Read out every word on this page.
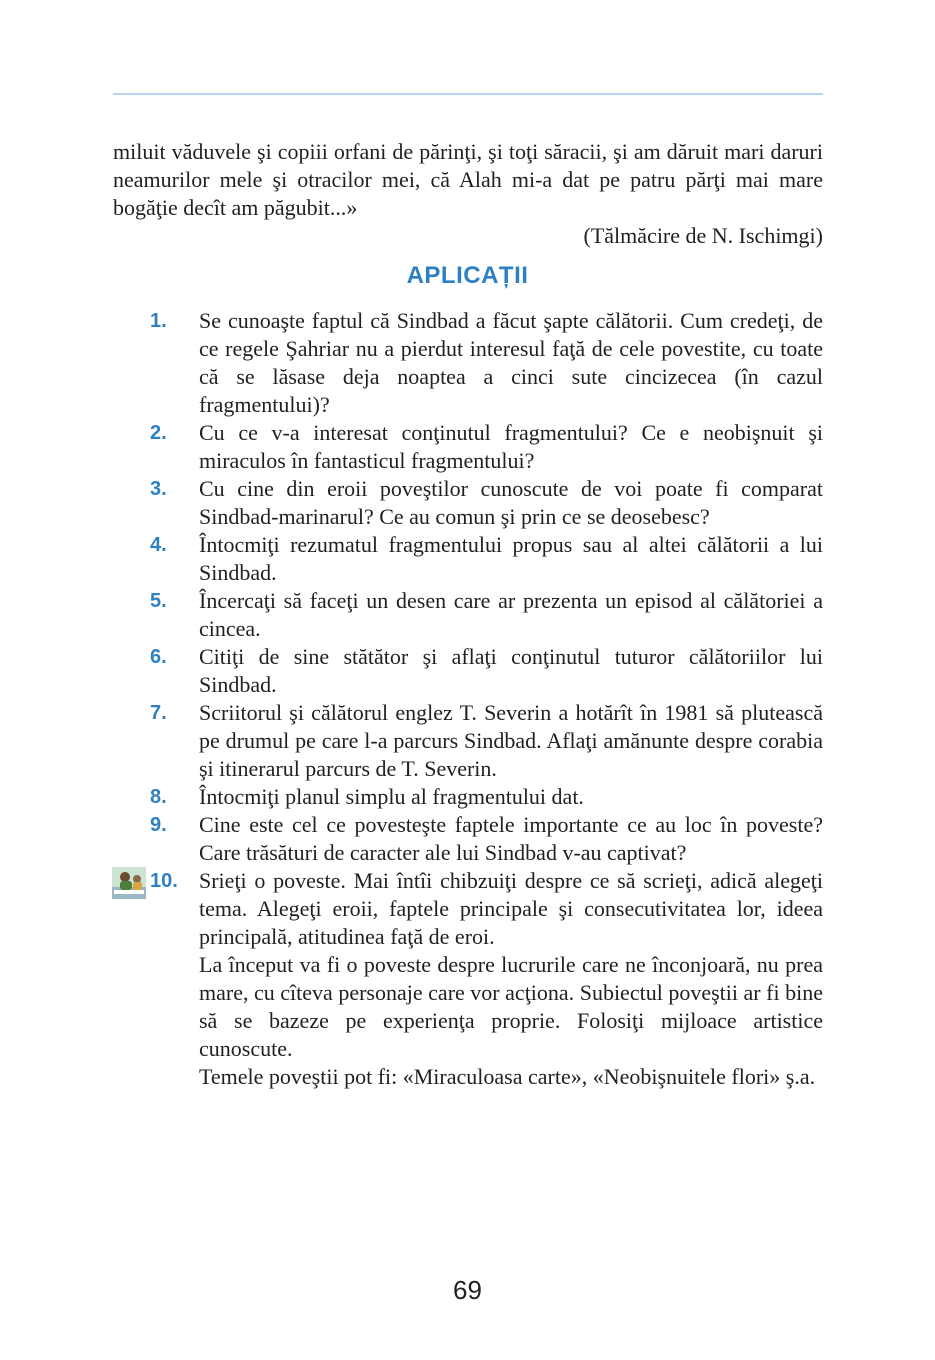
miluit văduvele şi copiii orfani de părinţi, şi toţi săracii, şi am dăruit mari daruri neamurilor mele şi otracilor mei, că Alah mi-a dat pe patru părţi mai mare bogăţie decît am păgubit...»

(Tălmăcire de N. Ischimgi)

APLICAȚII
1.	Se cunoaşte faptul că Sindbad a făcut şapte călătorii. Cum credeţi, de ce regele Şahriar nu a pierdut interesul faţă de cele povestite, cu toate că se lăsase deja noaptea a cinci sute cincizecea (în cazul fragmentului)?

2.	Cu ce v-a interesat conţinutul fragmentului? Ce e neobişnuit şi miraculos în fantasticul fragmentului?

3.	Cu cine din eroii poveştilor cunoscute de voi poate fi comparat Sindbad-marinarul? Ce au comun şi prin ce se deosebesc?

4.	Întocmiţi rezumatul fragmentului propus sau al altei călătorii a lui Sindbad.

5.	Încercaţi să faceţi un desen care ar prezenta un episod al călătoriei a cincea.

6.	Citiţi de sine stătător şi aflaţi conţinutul tuturor călătoriilor lui Sindbad.

7.	Scriitorul şi călătorul englez T. Severin a hotărît în 1981 să plutească pe drumul pe care l-a parcurs Sindbad. Aflaţi amănunte despre corabia şi itinerarul parcurs de T. Severin.

8.	Întocmiţi planul simplu al fragmentului dat.

9.	Cine este cel ce povesteşte faptele importante ce au loc în poveste? Care trăsături de caracter ale lui Sindbad v-au captivat?

10. Srieţi o poveste. Mai întîi chibzuiţi despre ce să scrieţi, adică alegeţi tema. Alegeţi eroii, faptele principale şi consecutivitatea lor, ideea principală, atitudinea faţă de eroi.

La început va fi o poveste despre lucrurile care ne înconjoară, nu prea mare, cu cîteva personaje care vor acţiona. Subiectul poveştii ar fi bine să se bazeze pe experienţa proprie. Folosiţi mijloace artistice cunoscute.

Temele poveştii pot fi: «Miraculoasa carte», «Neobişnuitele flori» ş.a.

69
